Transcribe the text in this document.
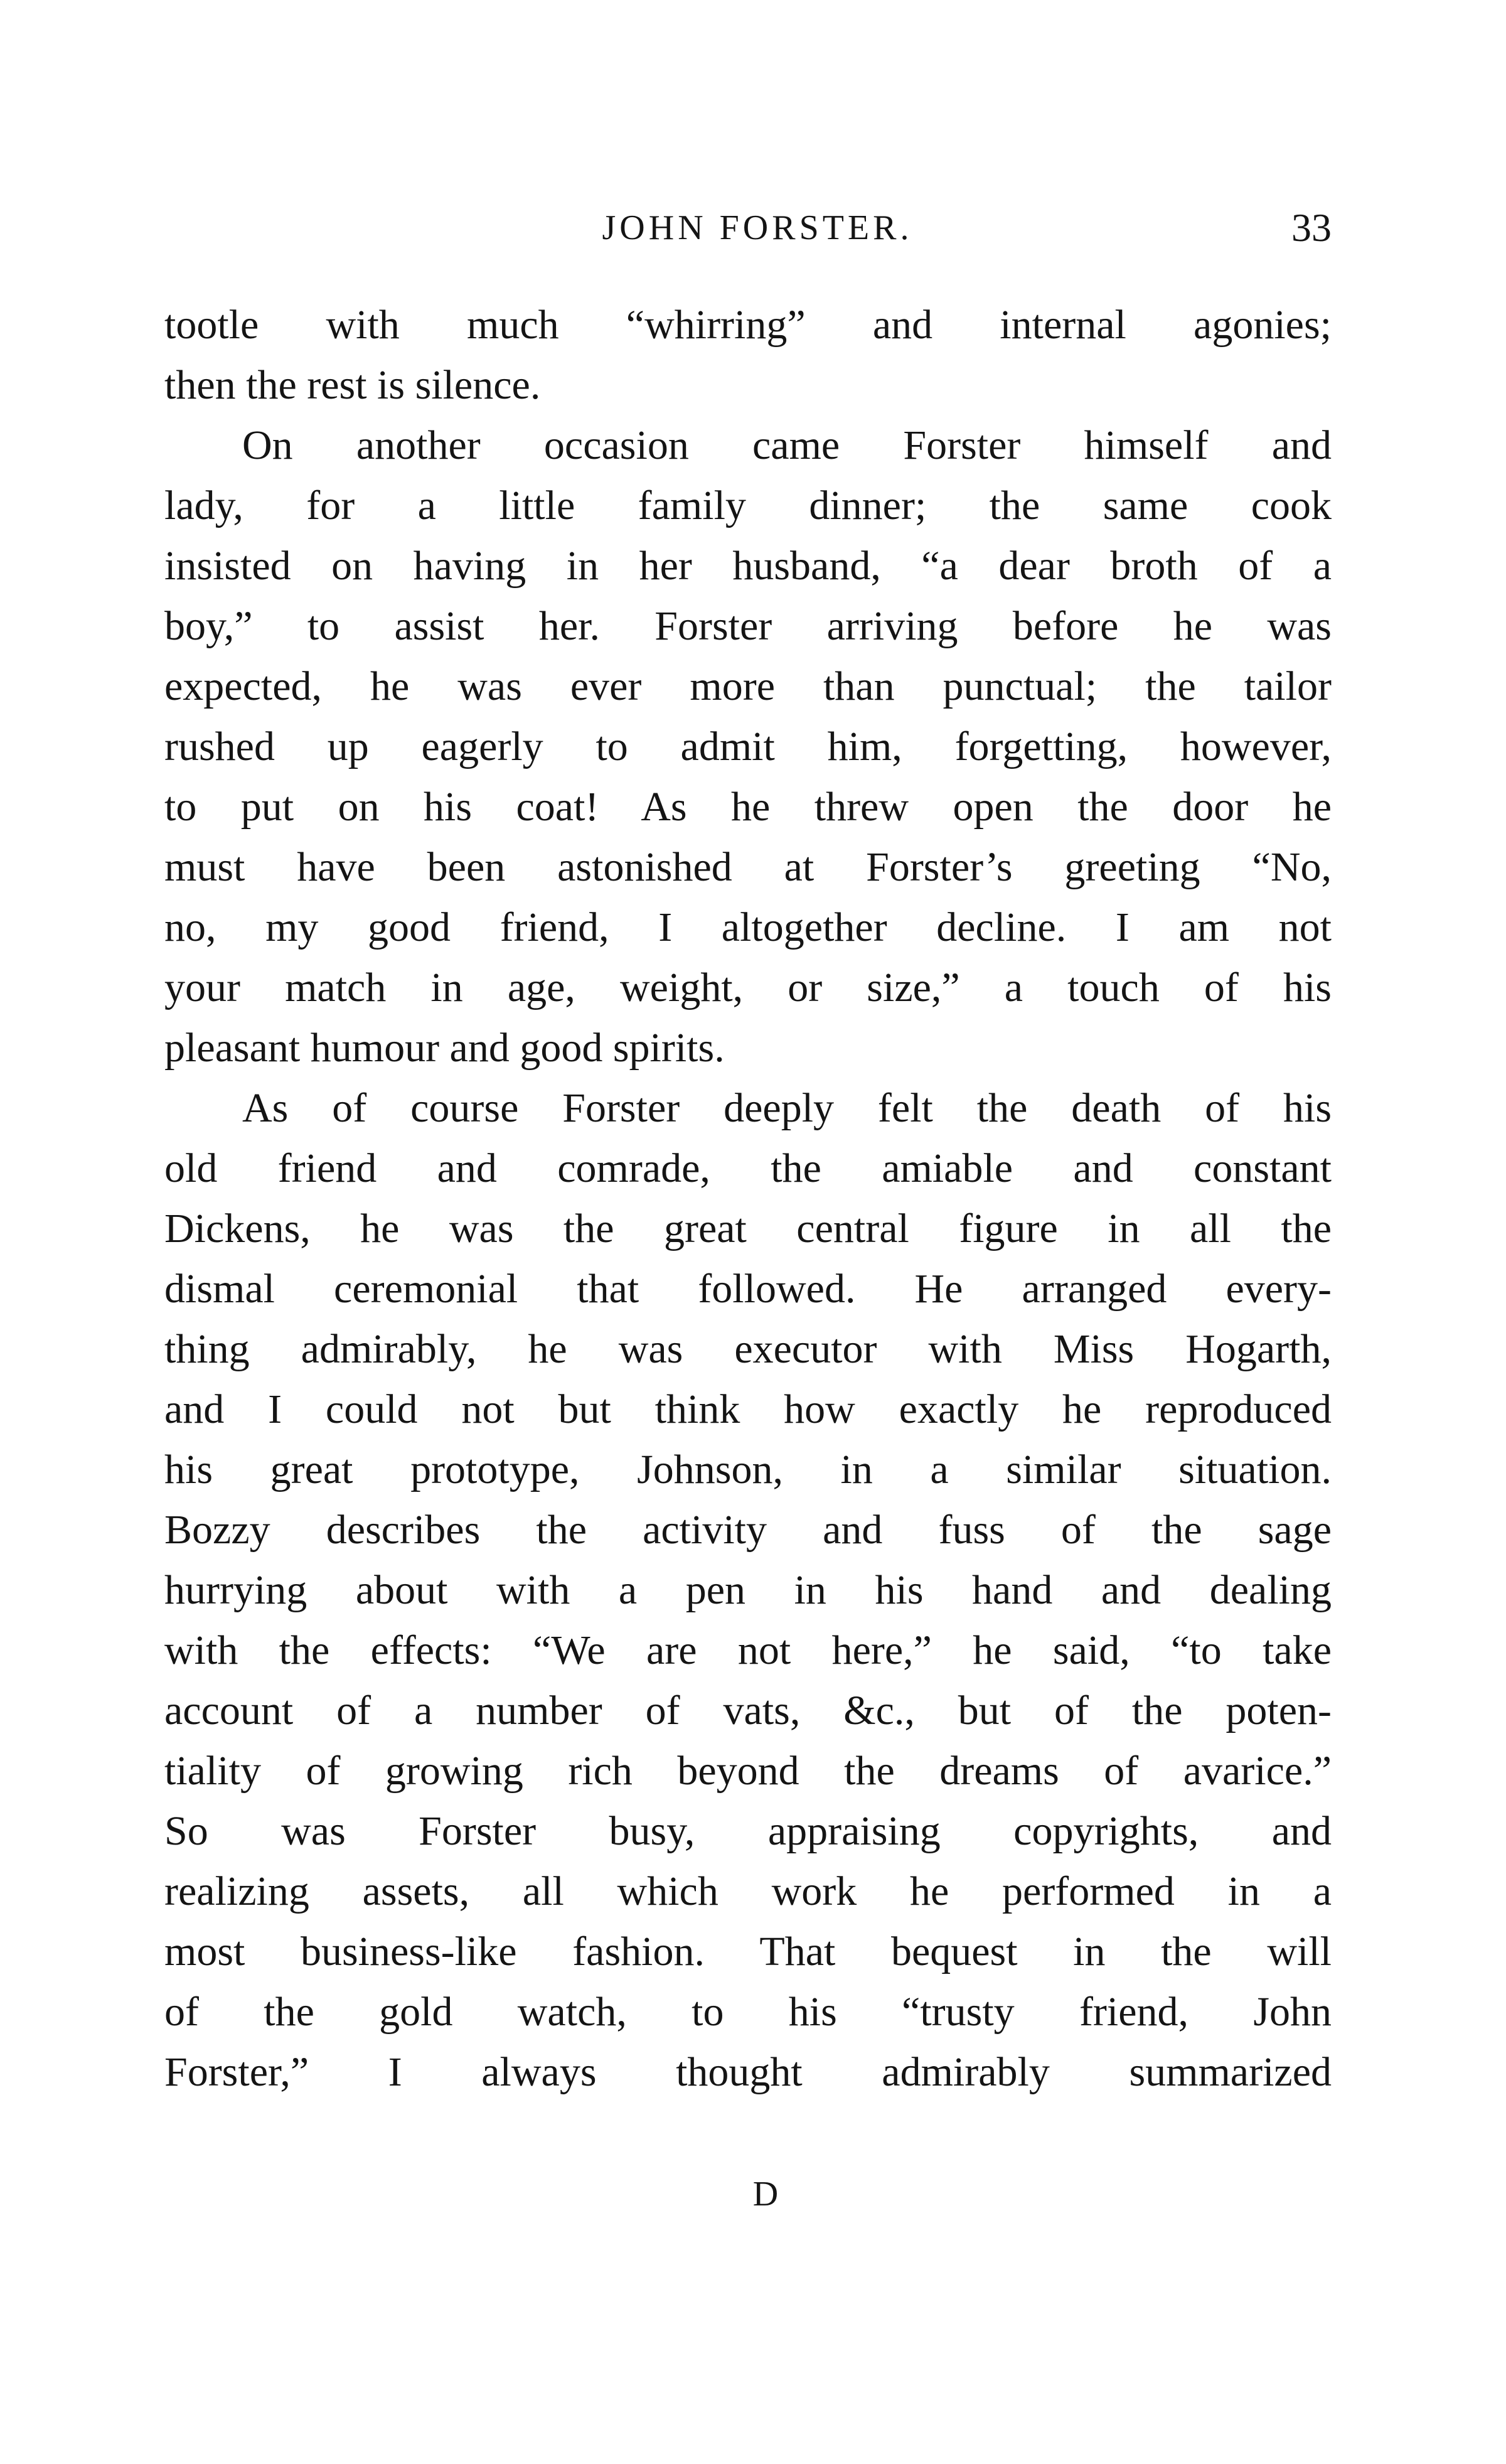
JOHN FORSTER.	33
tootle with much “whirring” and internal agonies;
then the rest is silence.
On another occasion came Forster himself and
lady, for a little family dinner; the same cook
insisted on having in her husband, “a dear broth of a
boy,” to assist her. Forster arriving before he was
expected, he was ever more than punctual; the tailor
rushed up eagerly to admit him, forgetting, however,
to put on his coat! As he threw open the door he
must have been astonished at Forster’s greeting “No,
no, my good friend, I altogether decline. I am not
your match in age, weight, or size,” a touch of his
pleasant humour and good spirits.
As of course Forster deeply felt the death of his
old friend and comrade, the amiable and constant
Dickens, he was the great central figure in all the
dismal ceremonial that followed. He arranged every-
thing admirably, he was executor with Miss Hogarth,
and I could not but think how exactly he reproduced
his great prototype, Johnson, in a similar situation.
Bozzy describes the activity and fuss of the sage
hurrying about with a pen in his hand and dealing
with the effects: “We are not here,” he said, “to take
account of a number of vats, &c., but of the poten-
tiality of growing rich beyond the dreams of avarice.”
So was Forster busy, appraising copyrights, and
realizing assets, all which work he performed in a
most business-like fashion. That bequest in the will
of the gold watch, to his “trusty friend, John
Forster,” I always thought admirably summarized
D
